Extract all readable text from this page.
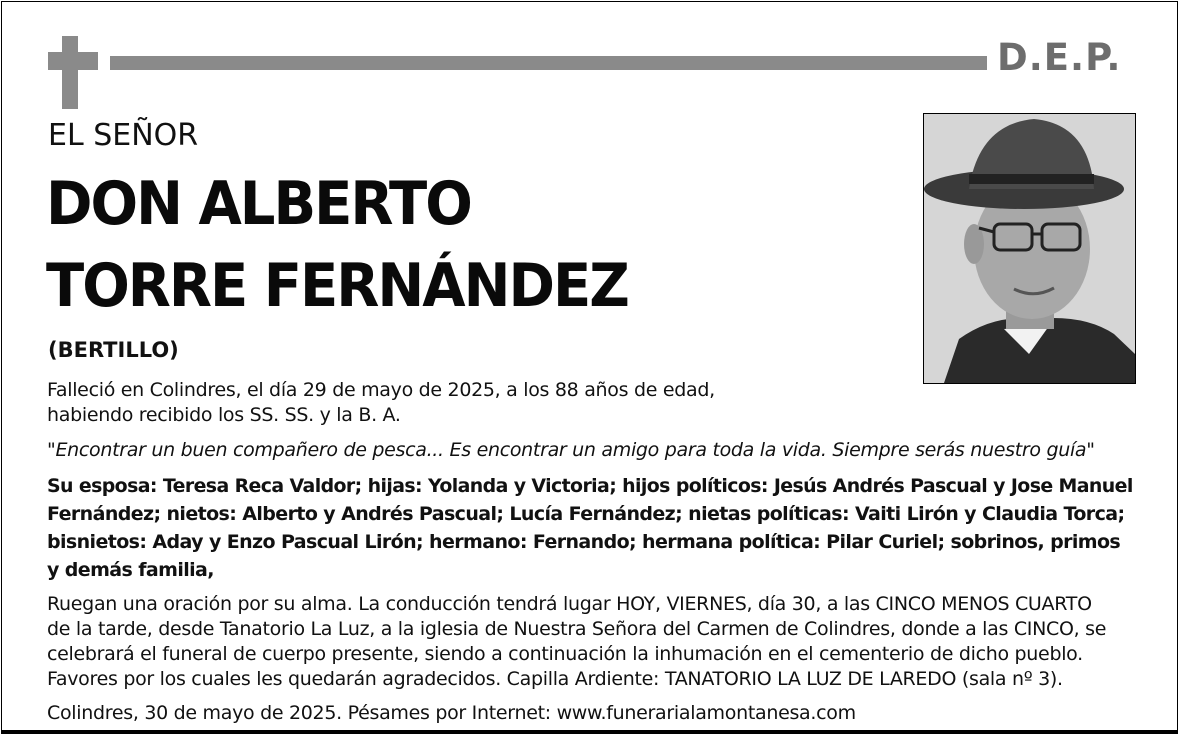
D.E.P.
EL SEÑOR
DON ALBERTO
TORRE FERNÁNDEZ
(BERTILLO)
Falleció en Colindres, el día 29 de mayo de 2025, a los 88 años de edad,
habiendo recibido los SS. SS. y la B. A.
"Encontrar un buen compañero de pesca... Es encontrar un amigo para toda la vida. Siempre serás nuestro guía"
Su esposa: Teresa Reca Valdor; hijas: Yolanda y Victoria; hijos políticos: Jesús Andrés Pascual y Jose Manuel
Fernández; nietos: Alberto y Andrés Pascual; Lucía Fernández; nietas políticas: Vaiti Lirón y Claudia Torca;
bisnietos: Aday y Enzo Pascual Lirón; hermano: Fernando; hermana política: Pilar Curiel; sobrinos, primos
y demás familia,
Ruegan una oración por su alma. La conducción tendrá lugar HOY, VIERNES, día 30, a las CINCO MENOS CUARTO
de la tarde, desde Tanatorio La Luz, a la iglesia de Nuestra Señora del Carmen de Colindres, donde a las CINCO, se
celebrará el funeral de cuerpo presente, siendo a continuación la inhumación en el cementerio de dicho pueblo.
Favores por los cuales les quedarán agradecidos. Capilla Ardiente: TANATORIO LA LUZ DE LAREDO (sala nº 3).
Colindres, 30 de mayo de 2025. Pésames por Internet: www.funerarialamontanesa.com
